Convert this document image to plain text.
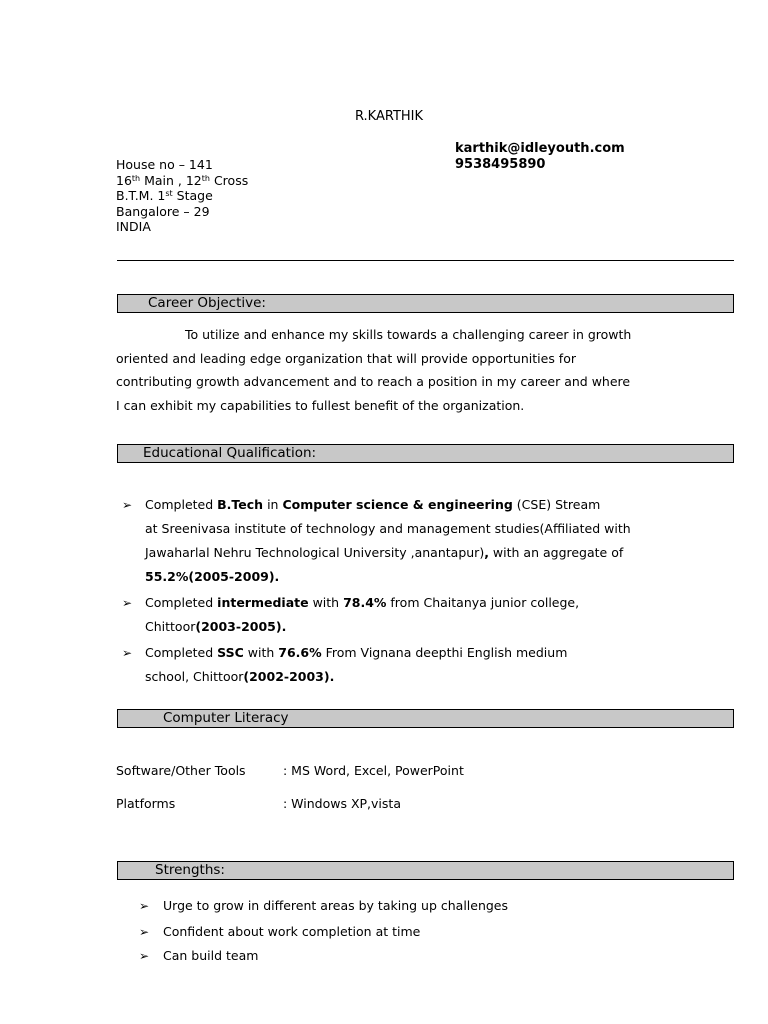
R.KARTHIK
karthik@idleyouth.com
9538495890
House no – 141
16th Main , 12th Cross
B.T.M. 1st Stage
Bangalore – 29
INDIA
Career Objective:
To utilize and enhance my skills towards a challenging career in growth
oriented and leading edge organization that will provide opportunities for
contributing growth advancement and to reach a position in my career and where
I can exhibit my capabilities to fullest benefit of the organization.
Educational Qualification:
➢ Completed B.Tech in Computer science & engineering (CSE) Stream
at Sreenivasa institute of technology and management studies(Affiliated with
Jawaharlal Nehru Technological University ,anantapur), with an aggregate of
55.2%(2005-2009).
➢ Completed intermediate with 78.4% from Chaitanya junior college,
Chittoor(2003-2005).
➢ Completed SSC with 76.6% From Vignana deepthi English medium
school, Chittoor(2002-2003).
Computer Literacy
Software/Other Tools	: MS Word, Excel, PowerPoint
Platforms	: Windows XP,vista
Strengths:
➢ Urge to grow in different areas by taking up challenges
➢ Confident about work completion at time
➢ Can build team
